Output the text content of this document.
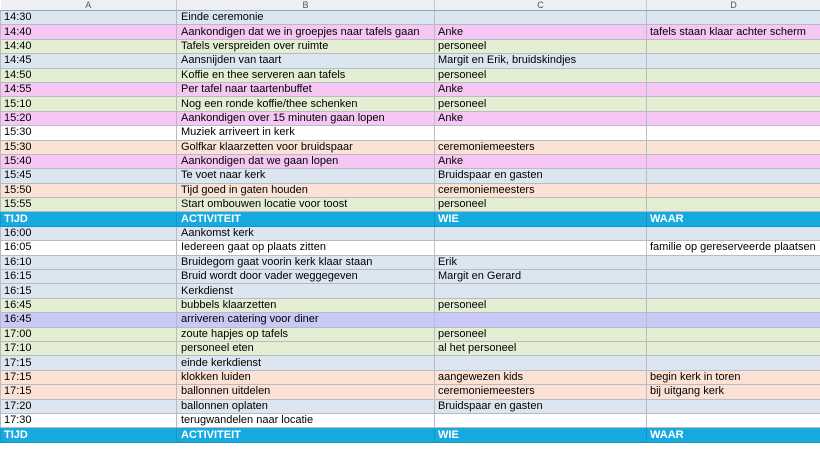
A	B	C	D
14:30	Einde ceremonie		
14:40	Aankondigen dat we in groepjes naar tafels gaan	Anke	tafels staan klaar achter scherm
14:40	Tafels verspreiden over ruimte	personeel	
14:45	Aansnijden van taart	Margit en Erik, bruidskindjes	
14:50	Koffie en thee serveren aan tafels	personeel	
14:55	Per tafel naar taartenbuffet	Anke	
15:10	Nog een ronde koffie/thee schenken	personeel	
15:20	Aankondigen over 15 minuten gaan lopen	Anke	
15:30	Muziek arriveert in kerk		
15:30	Golfkar klaarzetten voor bruidspaar	ceremoniemeesters	
15:40	Aankondigen dat we gaan lopen	Anke	
15:45	Te voet naar kerk	Bruidspaar en gasten	
15:50	Tijd goed in gaten houden	ceremoniemeesters	
15:55	Start ombouwen locatie voor toost	personeel	
TIJD	ACTIVITEIT	WIE	WAAR
16:00	Aankomst kerk		
16:05	Iedereen gaat op plaats zitten		familie op gereserveerde plaatsen
16:10	Bruidegom gaat voorin kerk klaar staan	Erik	
16:15	Bruid wordt door vader weggegeven	Margit en Gerard	
16:15	Kerkdienst		
16:45	bubbels klaarzetten	personeel	
16:45	arriveren catering voor diner		
17:00	zoute hapjes op tafels	personeel	
17:10	personeel eten	al het personeel	
17:15	einde kerkdienst		
17:15	klokken luiden	aangewezen kids	begin kerk in toren
17:15	ballonnen uitdelen	ceremoniemeesters	bij uitgang kerk
17:20	ballonnen oplaten	Bruidspaar en gasten	
17:30	terugwandelen naar locatie		
TIJD	ACTIVITEIT	WIE	WAAR
